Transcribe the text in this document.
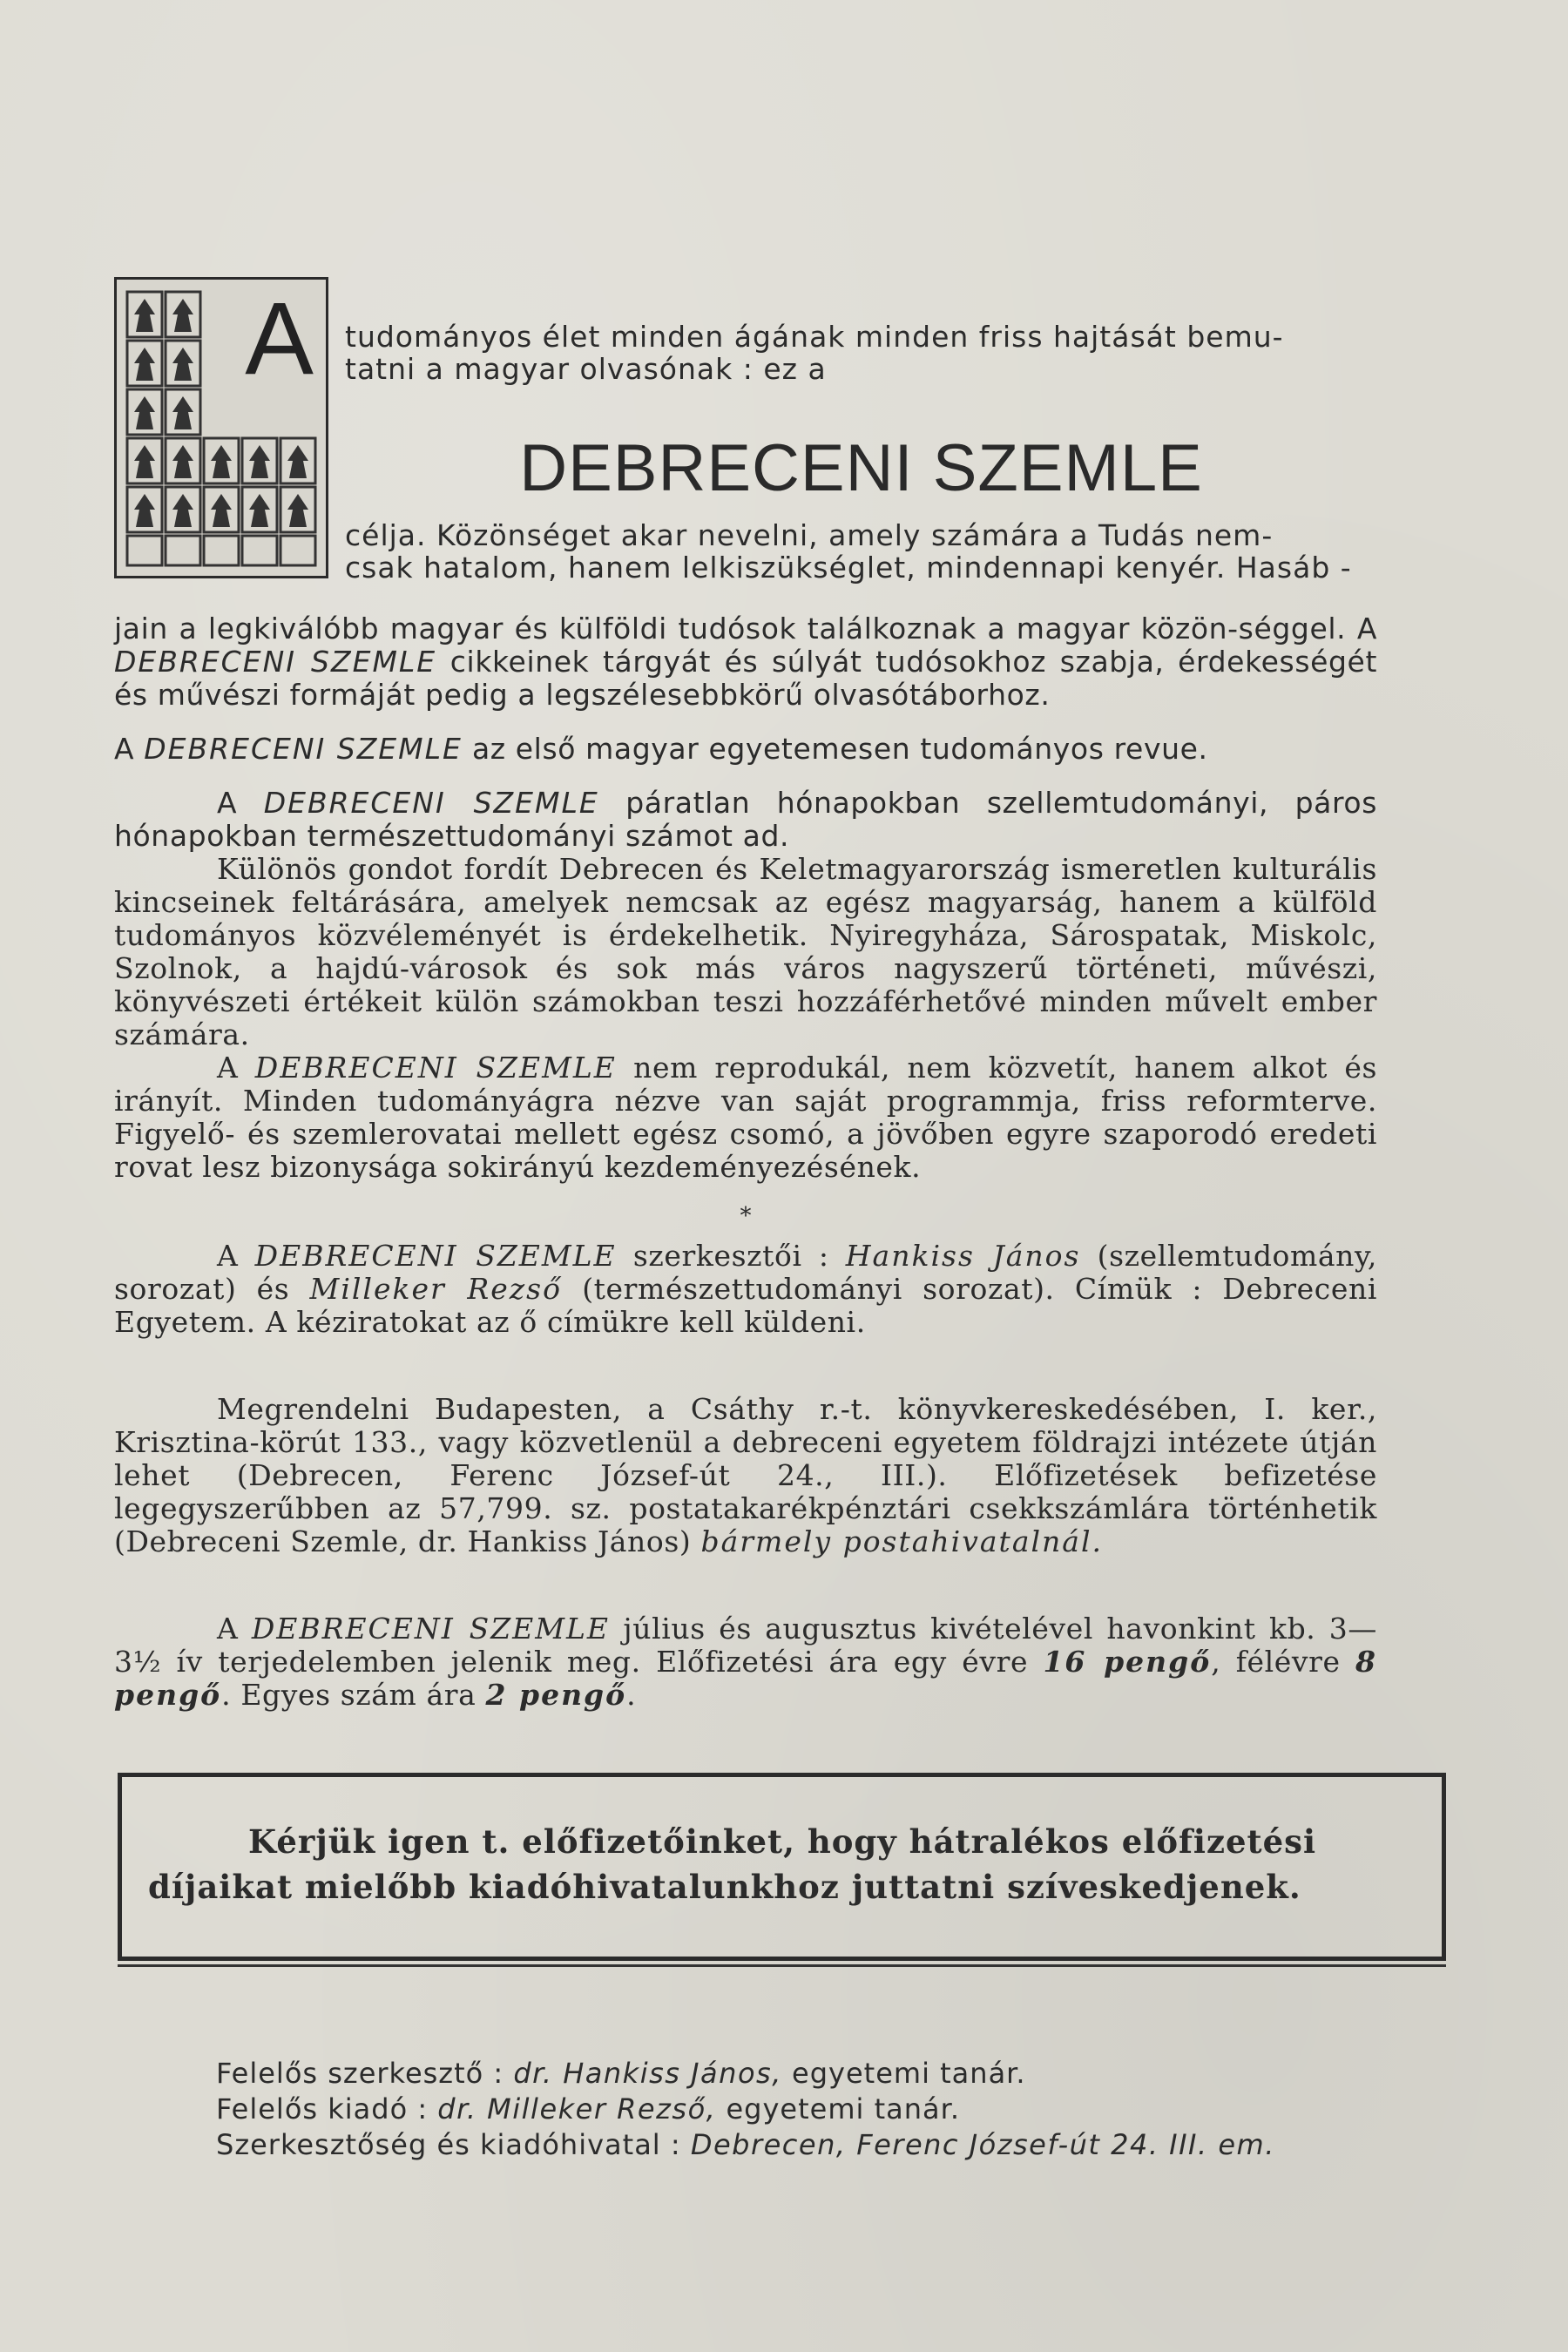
A tudományos élet minden ágának minden friss hajtását bemu-
tatni a magyar olvasónak : ez a
DEBRECENI SZEMLE
célja. Közönséget akar nevelni, amely számára a Tudás nem-
csak hatalom, hanem lelkiszükséglet, mindennapi kenyér. Hasáb -

jain a legkiválóbb magyar és külföldi tudósok találkoznak a magyar közön-séggel. A DEBRECENI SZEMLE cikkeinek tárgyát és súlyát tudósokhoz szabja, érdekességét és művészi formáját pedig a legszélesebbkörű olvasótáborhoz.

A DEBRECENI SZEMLE az első magyar egyetemesen tudományos revue.

A DEBRECENI SZEMLE páratlan hónapokban szellemtudományi, páros hónapokban természettudományi számot ad.

Különös gondot fordít Debrecen és Keletmagyarország ismeretlen kulturális kincseinek feltárására, amelyek nemcsak az egész magyarság, hanem a külföld tudományos közvéleményét is érdekelhetik. Nyiregyháza, Sárospatak, Miskolc, Szolnok, a hajdú-városok és sok más város nagyszerű történeti, művészi, könyvészeti értékeit külön számokban teszi hozzáférhetővé minden művelt ember számára.

A DEBRECENI SZEMLE nem reprodukál, nem közvetít, hanem alkot és irányít. Minden tudományágra nézve van saját programmja, friss reformterve. Figyelő- és szemlerovatai mellett egész csomó, a jövőben egyre szaporodó eredeti rovat lesz bizonysága sokirányú kezdeményezésének.

*

A DEBRECENI SZEMLE szerkesztői : Hankiss János (szellemtudomány, sorozat) és Milleker Rezső (természettudományi sorozat). Címük : Debreceni Egyetem. A kéziratokat az ő címükre kell küldeni.

Megrendelni Budapesten, a Csáthy r.-t. könyvkereskedésében, I. ker., Krisztina-körút 133., vagy közvetlenül a debreceni egyetem földrajzi intézete útján lehet (Debrecen, Ferenc József-út 24., III.). Előfizetések befizetése legegyszerűbben az 57,799. sz. postatakarékpénztári csekkszámlára történhetik (Debreceni Szemle, dr. Hankiss János) bármely postahivatalnál.

A DEBRECENI SZEMLE július és augusztus kivételével havonkint kb. 3—3½ ív terjedelemben jelenik meg. Előfizetési ára egy évre 16 pengő, félévre 8 pengő. Egyes szám ára 2 pengő.

Kérjük igen t. előfizetőinket, hogy hátralékos előfizetési
díjaikat mielőbb kiadóhivatalunkhoz juttatni szíveskedjenek.
Felelős szerkesztő : dr. Hankiss János, egyetemi tanár.
Felelős kiadó : dr. Milleker Rezső, egyetemi tanár.
Szerkesztőség és kiadóhivatal : Debrecen, Ferenc József-út 24. III. em.
